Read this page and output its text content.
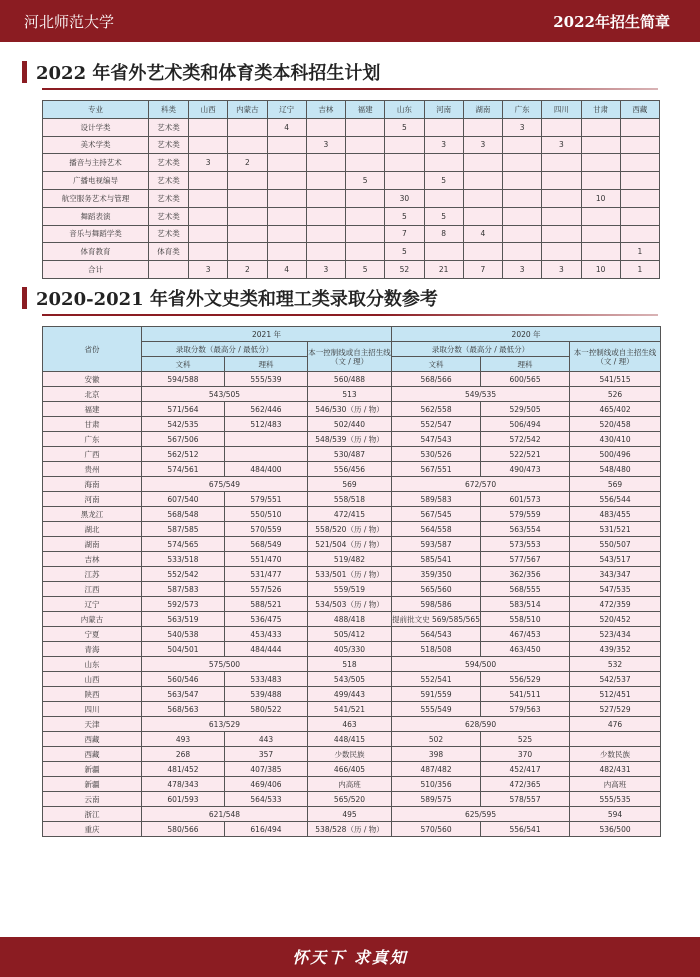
河北师范大学	2022年招生简章
2022 年省外艺术类和体育类本科招生计划
专业	科类	山西	内蒙古	辽宁	吉林	福建	山东	河南	湖南	广东	四川	甘肃	西藏
设计学类	艺术类			4			5			3			
美术学类	艺术类				3			3	3		3		
播音与主持艺术	艺术类	3	2										
广播电视编导	艺术类					5		5					
航空服务艺术与管理	艺术类						30					10	
舞蹈表演	艺术类						5	5					
音乐与舞蹈学类	艺术类						7	8	4				
体育教育	体育类						5						1
合计		3	2	4	3	5	52	21	7	3	3	10	1
2020-2021 年省外文史类和理工类录取分数参考
省份	2021 年			2020 年		
	录取分数（最高分 / 最低分）		本一控制线或自主招生线（文 / 理）	录取分数（最高分 / 最低分）		本一控制线或自主招生线（文 / 理）
	文科	理科		文科	理科	
安徽	594/588	555/539	560/488	568/566	600/565	541/515
北京	543/505		513	549/535		526
福建	571/564	562/446	546/530（历 / 物）	562/558	529/505	465/402
甘肃	542/535	512/483	502/440	552/547	506/494	520/458
广东	567/506		548/539（历 / 物）	547/543	572/542	430/410
广西	562/512		530/487	530/526	522/521	500/496
贵州	574/561	484/400	556/456	567/551	490/473	548/480
海南	675/549		569	672/570		569
河南	607/540	579/551	558/518	589/583	601/573	556/544
黑龙江	568/548	550/510	472/415	567/545	579/559	483/455
湖北	587/585	570/559	558/520（历 / 物）	564/558	563/554	531/521
湖南	574/565	568/549	521/504（历 / 物）	593/587	573/553	550/507
吉林	533/518	551/470	519/482	585/541	577/567	543/517
江苏	552/542	531/477	533/501（历 / 物）	359/350	362/356	343/347
江西	587/583	557/526	559/519	565/560	568/555	547/535
辽宁	592/573	588/521	534/503（历 / 物）	598/586	583/514	472/359
内蒙古	563/519	536/475	488/418	提前批文史 569/585/565	558/510	520/452
宁夏	540/538	453/433	505/412	564/543	467/453	523/434
青海	504/501	484/444	405/330	518/508	463/450	439/352
山东	575/500		518	594/500		532
山西	560/546	533/483	543/505	552/541	556/529	542/537
陕西	563/547	539/488	499/443	591/559	541/511	512/451
四川	568/563	580/522	541/521	555/549	579/563	527/529
天津	613/529		463	628/590		476
西藏	493	443	448/415	502	525	
西藏	268	357	少数民族	398	370	少数民族
新疆	481/452	407/385	466/405	487/482	452/417	482/431
新疆	478/343	469/406	内高班	510/356	472/365	内高班
云南	601/593	564/533	565/520	589/575	578/557	555/535
浙江	621/548		495	625/595		594
重庆	580/566	616/494	538/528（历 / 物）	570/560	556/541	536/500
怀天下 求真知
